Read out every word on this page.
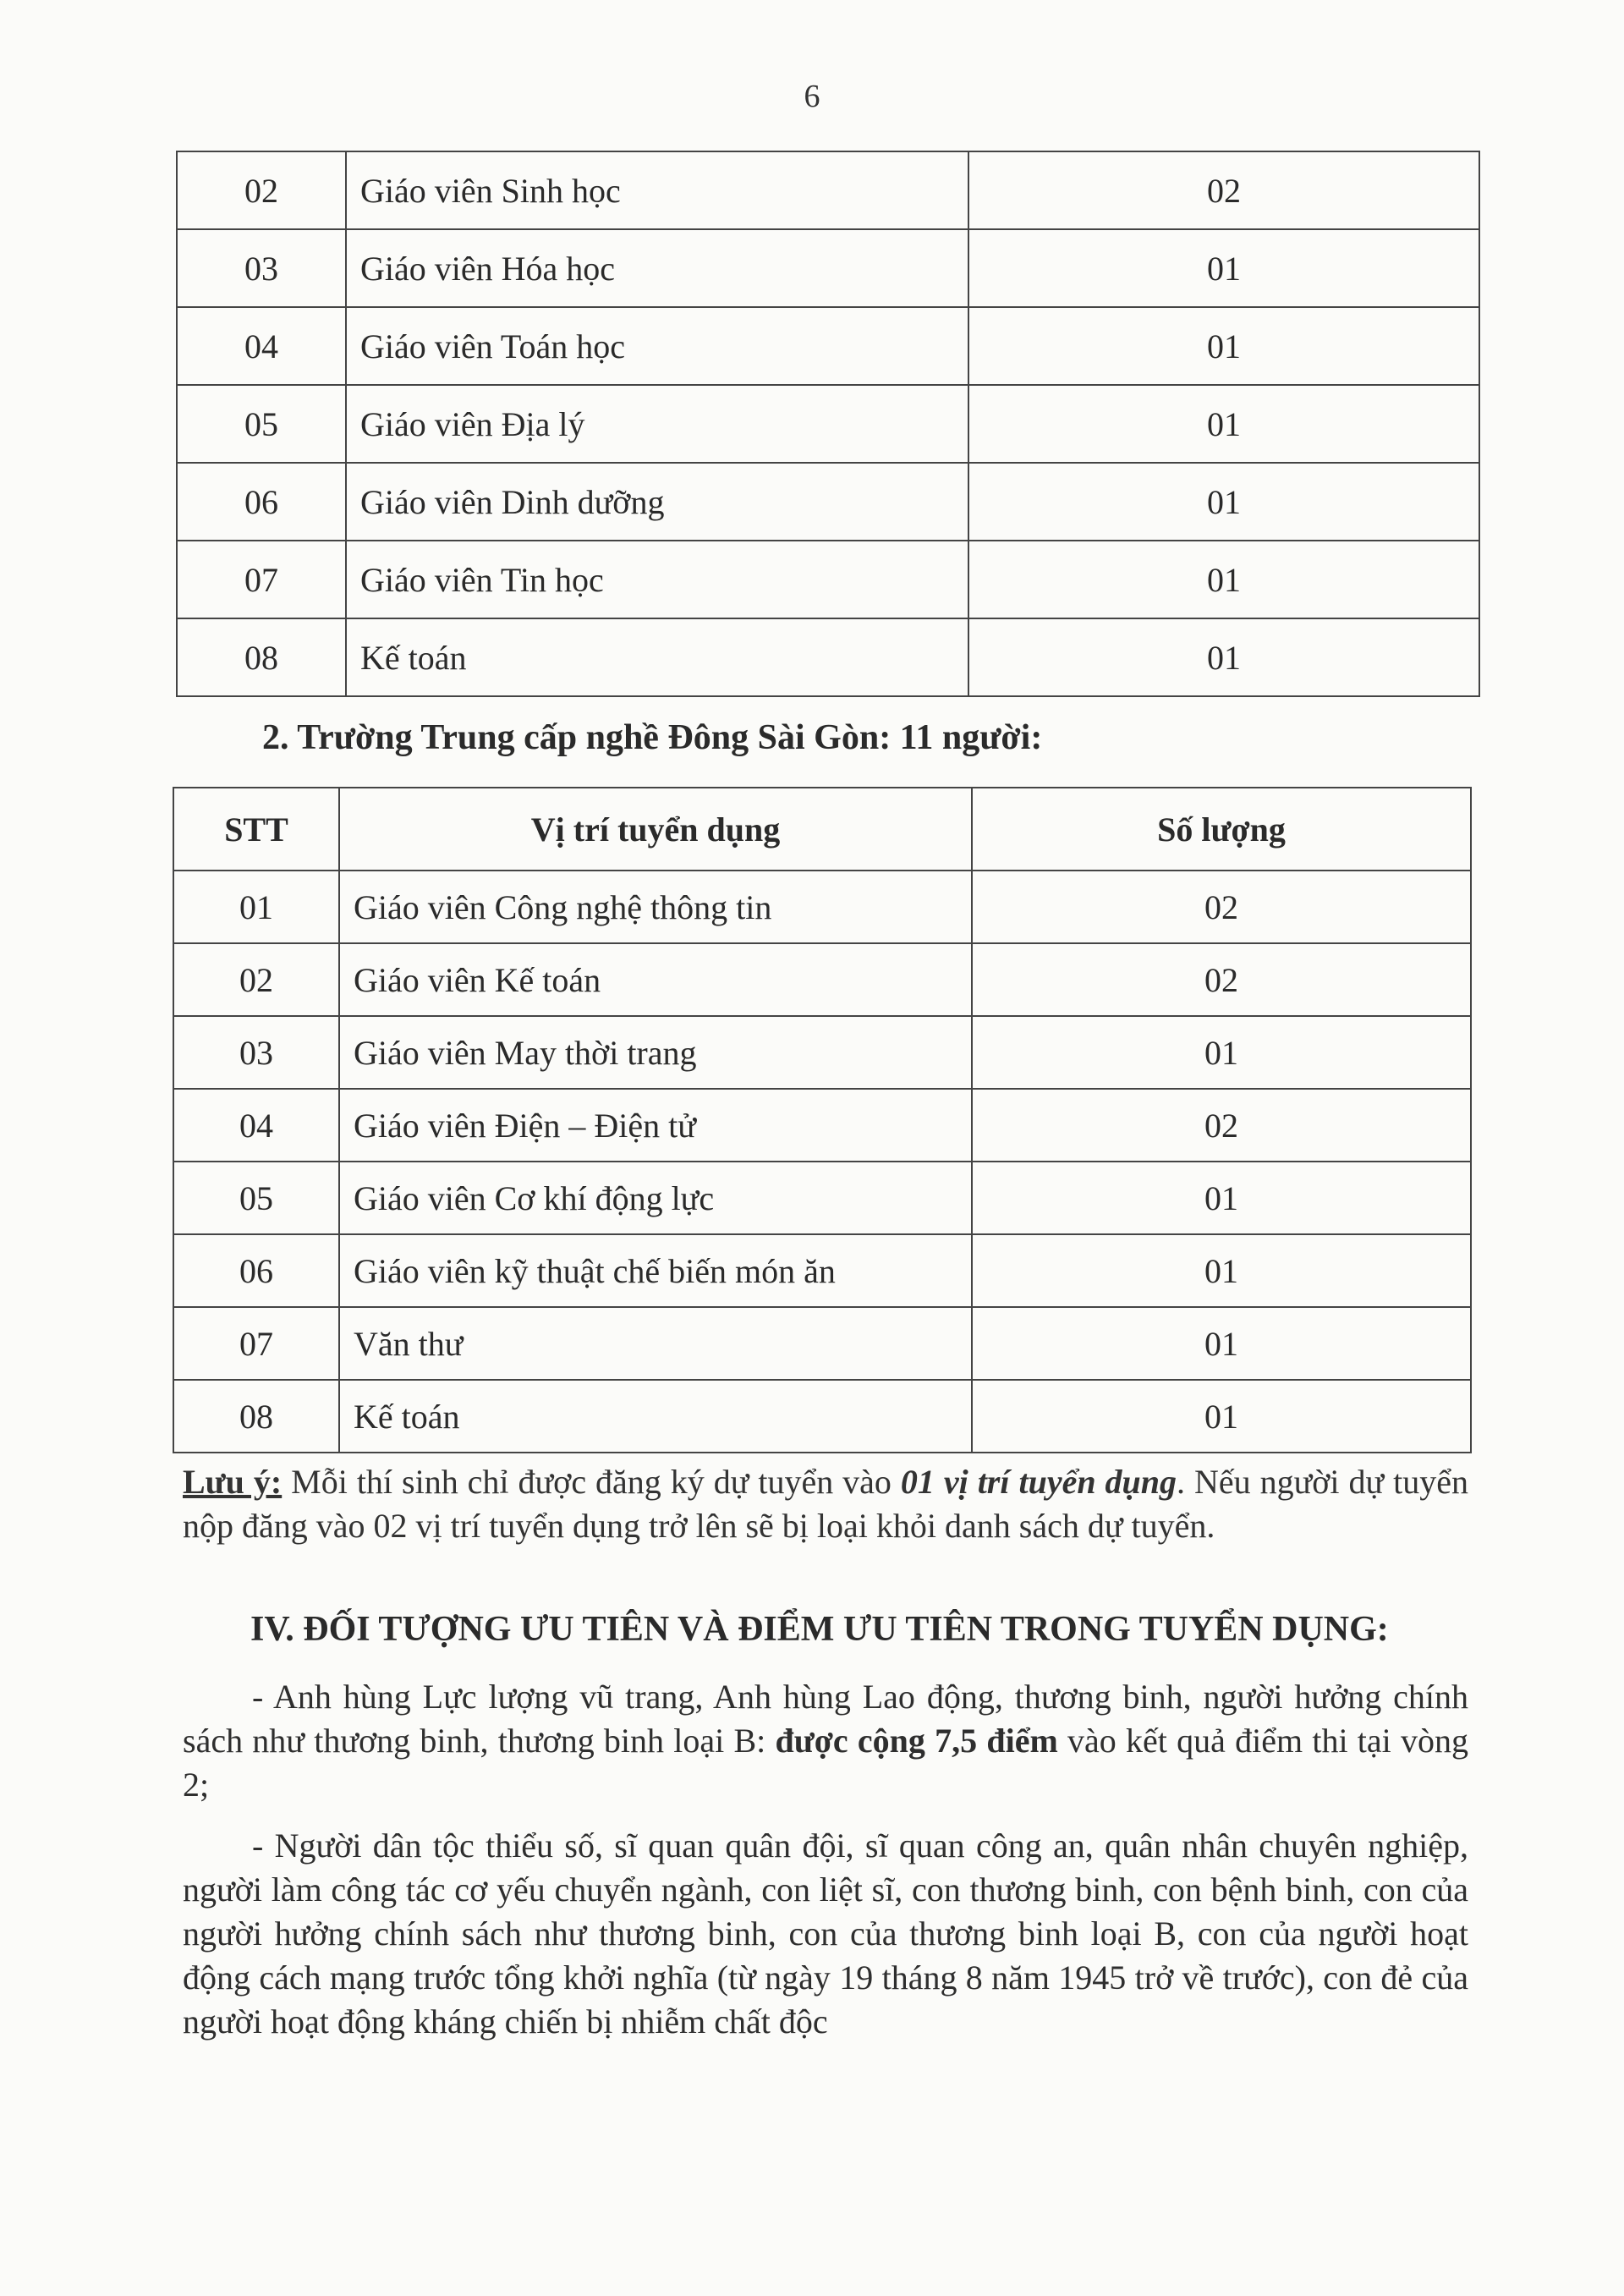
6
02	Giáo viên Sinh học	02
03	Giáo viên Hóa học	01
04	Giáo viên Toán học	01
05	Giáo viên Địa lý	01
06	Giáo viên Dinh dưỡng	01
07	Giáo viên Tin học	01
08	Kế toán	01
2. Trường Trung cấp nghề Đông Sài Gòn: 11 người:
STT	Vị trí tuyển dụng	Số lượng
01	Giáo viên Công nghệ thông tin	02
02	Giáo viên Kế toán	02
03	Giáo viên May thời trang	01
04	Giáo viên Điện – Điện tử	02
05	Giáo viên Cơ khí động lực	01
06	Giáo viên kỹ thuật chế biến món ăn	01
07	Văn thư	01
08	Kế toán	01
Lưu ý: Mỗi thí sinh chỉ được đăng ký dự tuyển vào 01 vị trí tuyển dụng. Nếu người dự tuyển nộp đăng vào 02 vị trí tuyển dụng trở lên sẽ bị loại khỏi danh sách dự tuyển.
IV. ĐỐI TƯỢNG ƯU TIÊN VÀ ĐIỂM ƯU TIÊN TRONG TUYỂN DỤNG:
- Anh hùng Lực lượng vũ trang, Anh hùng Lao động, thương binh, người hưởng chính sách như thương binh, thương binh loại B: được cộng 7,5 điểm vào kết quả điểm thi tại vòng 2;
- Người dân tộc thiểu số, sĩ quan quân đội, sĩ quan công an, quân nhân chuyên nghiệp, người làm công tác cơ yếu chuyển ngành, con liệt sĩ, con thương binh, con bệnh binh, con của người hưởng chính sách như thương binh, con của thương binh loại B, con của người hoạt động cách mạng trước tổng khởi nghĩa (từ ngày 19 tháng 8 năm 1945 trở về trước), con đẻ của người hoạt động kháng chiến bị nhiễm chất độc
